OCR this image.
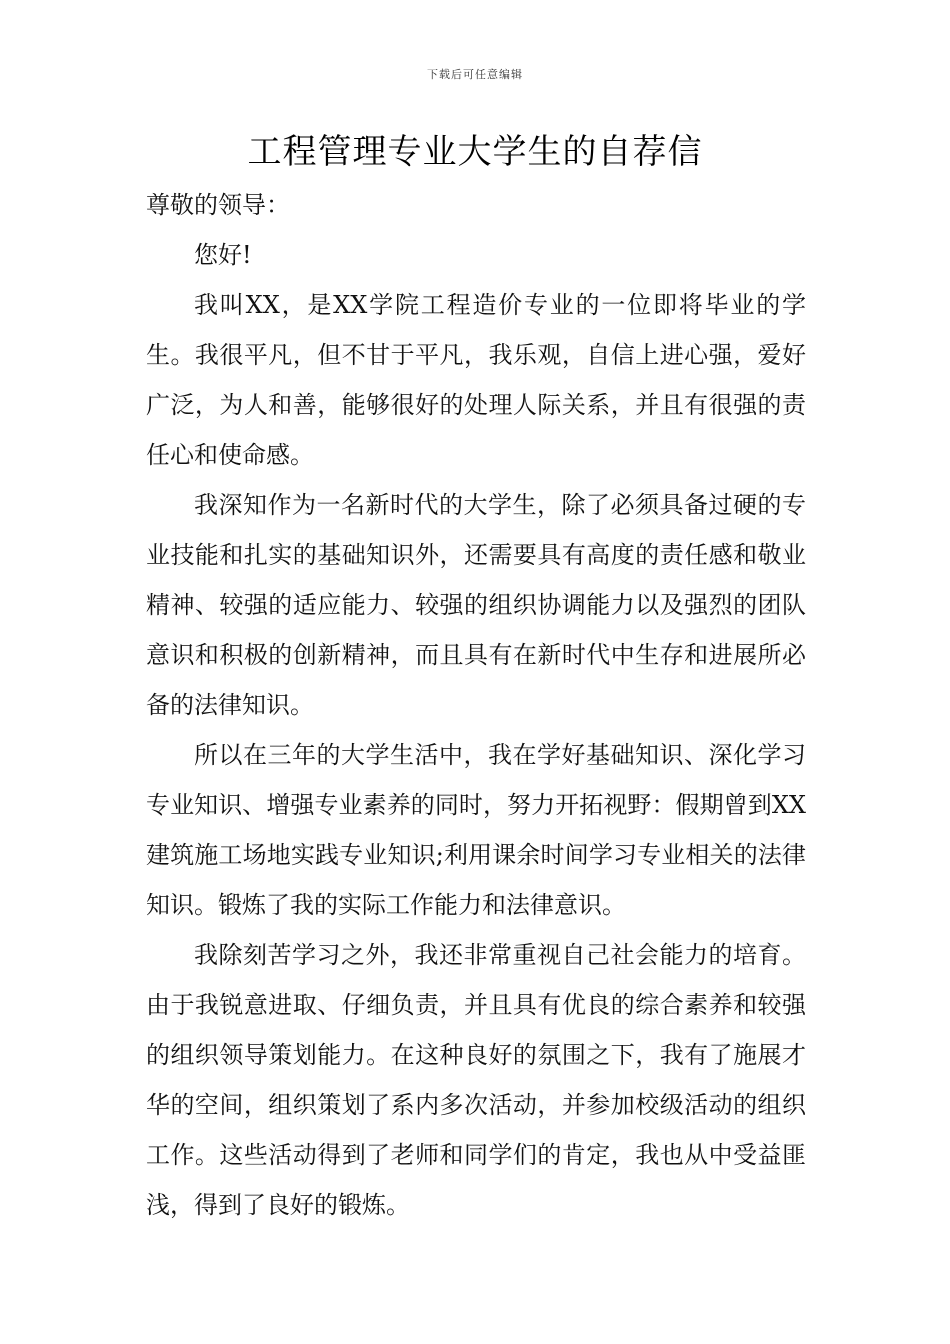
下载后可任意编辑
工程管理专业大学生的自荐信

尊敬的领导：

您好!

我叫XX，是XX学院工程造价专业的一位即将毕业的学生。我很平凡，但不甘于平凡，我乐观，自信上进心强，爱好广泛，为人和善，能够很好的处理人际关系，并且有很强的责任心和使命感。

我深知作为一名新时代的大学生，除了必须具备过硬的专业技能和扎实的基础知识外，还需要具有高度的责任感和敬业精神、较强的适应能力、较强的组织协调能力以及强烈的团队意识和积极的创新精神，而且具有在新时代中生存和进展所必备的法律知识。

所以在三年的大学生活中，我在学好基础知识、深化学习专业知识、增强专业素养的同时，努力开拓视野：假期曾到XX建筑施工场地实践专业知识;利用课余时间学习专业相关的法律知识。锻炼了我的实际工作能力和法律意识。

我除刻苦学习之外，我还非常重视自己社会能力的培育。由于我锐意进取、仔细负责，并且具有优良的综合素养和较强的组织领导策划能力。在这种良好的氛围之下，我有了施展才华的空间，组织策划了系内多次活动，并参加校级活动的组织工作。这些活动得到了老师和同学们的肯定，我也从中受益匪浅，得到了良好的锻炼。
